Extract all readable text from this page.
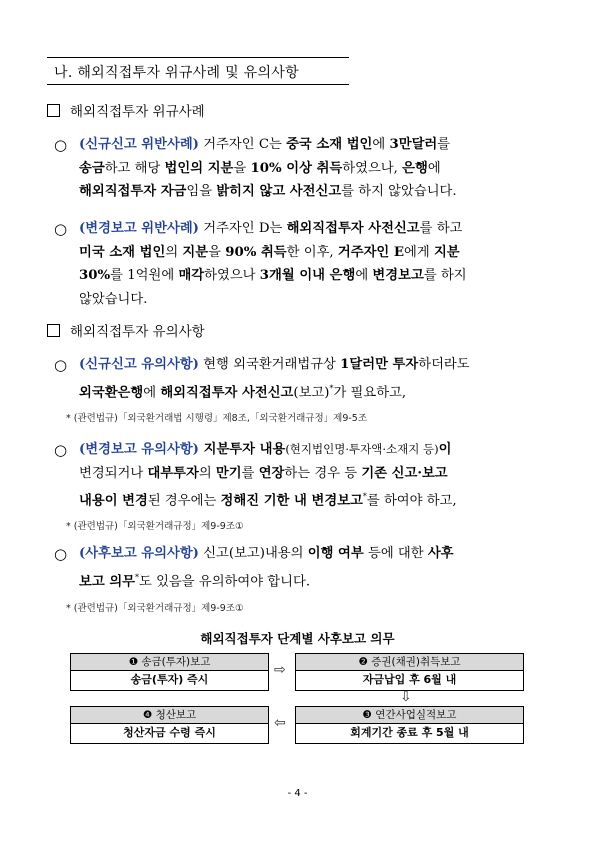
나. 해외직접투자 위규사례 및 유의사항
해외직접투자 위규사례
○ (신규신고 위반사례) 거주자인 C는 중국 소재 법인에 3만달러를
송금하고 해당 법인의 지분을 10% 이상 취득하였으나, 은행에
해외직접투자 자금임을 밝히지 않고 사전신고를 하지 않았습니다.
○ (변경보고 위반사례) 거주자인 D는 해외직접투자 사전신고를 하고
미국 소재 법인의 지분을 90% 취득한 이후, 거주자인 E에게 지분
30%를 1억원에 매각하였으나 3개월 이내 은행에 변경보고를 하지
않았습니다.
해외직접투자 유의사항
○ (신규신고 유의사항) 현행 외국환거래법규상 1달러만 투자하더라도
외국환은행에 해외직접투자 사전신고(보고)*가 필요하고,
* (관련법규)「외국환거래법 시행령」제8조,「외국환거래규정」제9-5조
○ (변경보고 유의사항) 지분투자 내용(현지법인명·투자액·소재지 등)이
변경되거나 대부투자의 만기를 연장하는 경우 등 기존 신고·보고
내용이 변경된 경우에는 정해진 기한 내 변경보고*를 하여야 하고,
* (관련법규)「외국환거래규정」제9-9조①
○ (사후보고 유의사항) 신고(보고)내용의 이행 여부 등에 대한 사후
보고 의무*도 있음을 유의하여야 합니다.
* (관련법규)「외국환거래규정」제9-9조①
해외직접투자 단계별 사후보고 의무
❶ 송금(투자)보고
송금(투자) 즉시
⇨	❷ 증권(채권)취득보고
자금납입 후 6월 내
⇩
❹ 청산보고
청산자금 수령 즉시
⇦	❸ 연간사업실적보고
회계기간 종료 후 5월 내
- 4 -
